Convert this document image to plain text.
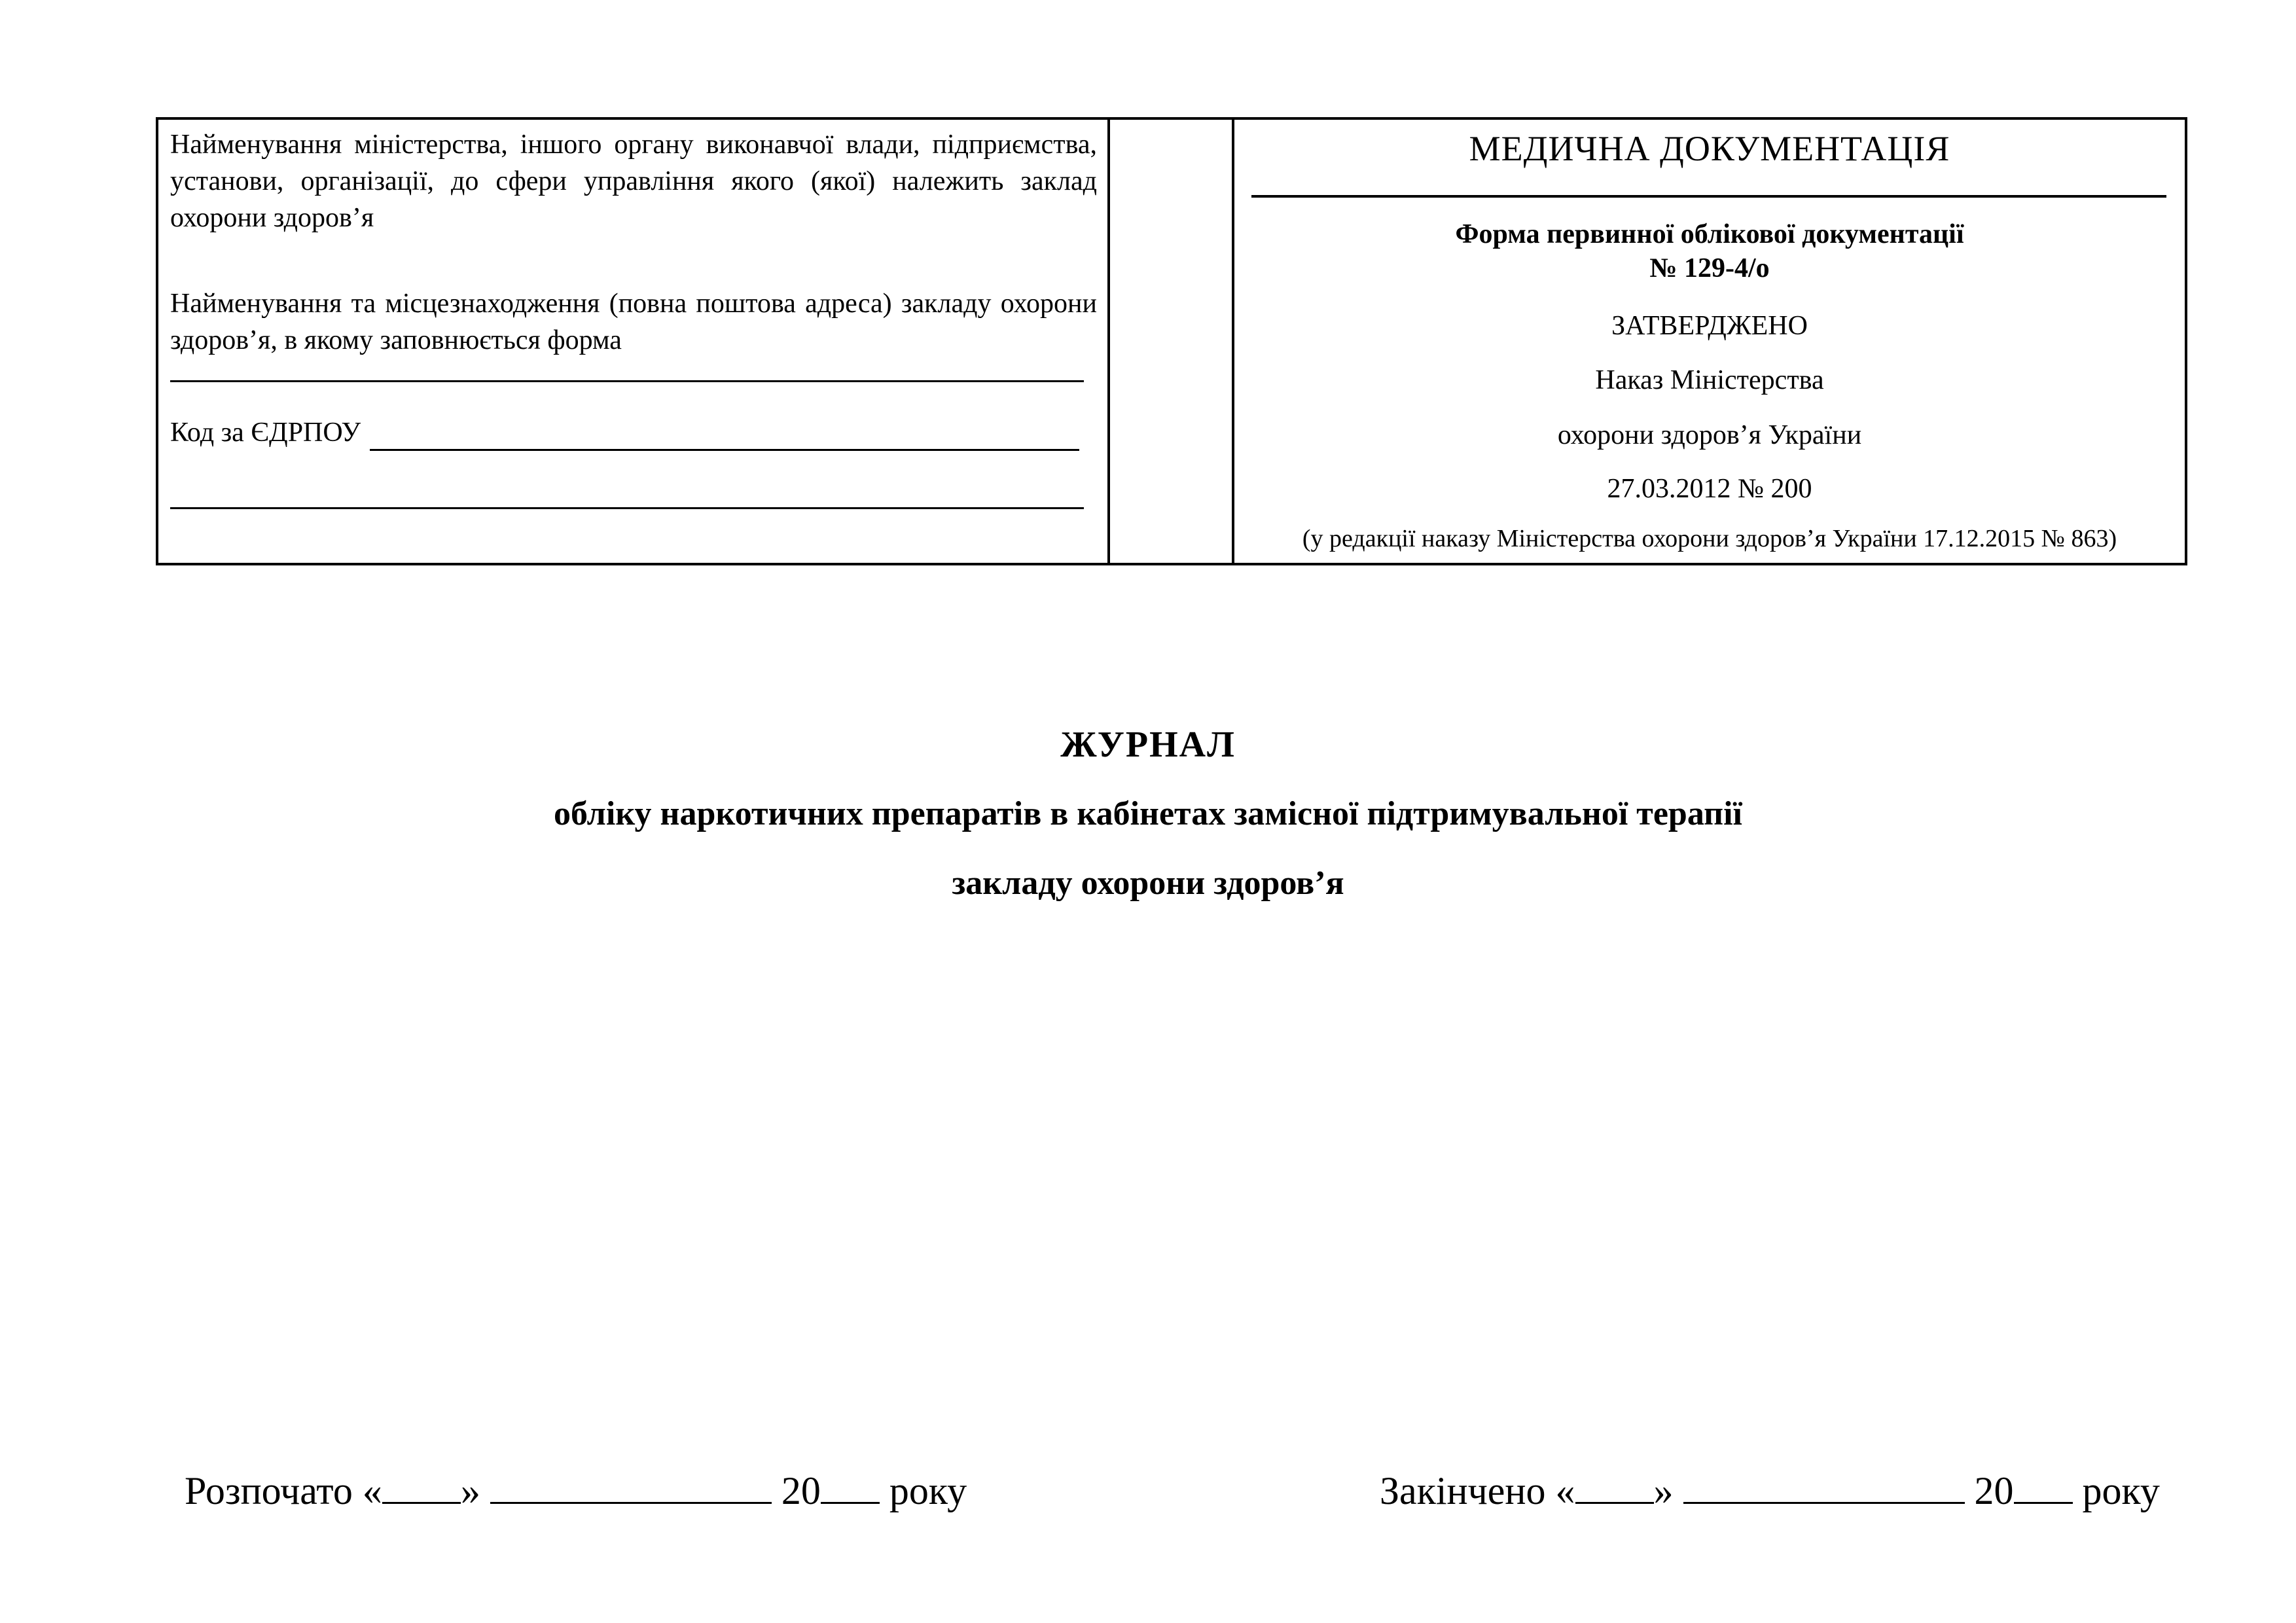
Найменування міністерства, іншого органу виконавчої влади, підприємства, установи, організації, до сфери управління якого (якої) належить заклад охорони здоров’я
Найменування та місцезнаходження (повна поштова адреса) закладу охорони здоров’я, в якому заповнюється форма
Код за ЄДРПОУ
МЕДИЧНА ДОКУМЕНТАЦІЯ
Форма первинної облікової документації
№ 129-4/о
ЗАТВЕРДЖЕНО
Наказ Міністерства
охорони здоров’я України
27.03.2012 № 200
(у редакції наказу Міністерства охорони здоров’я України 17.12.2015 № 863)
ЖУРНАЛ
обліку наркотичних препаратів в кабінетах замісної підтримувальної терапії
закладу охорони здоров’я
Розпочато « »	20 року	Закінчено « »	20 року
